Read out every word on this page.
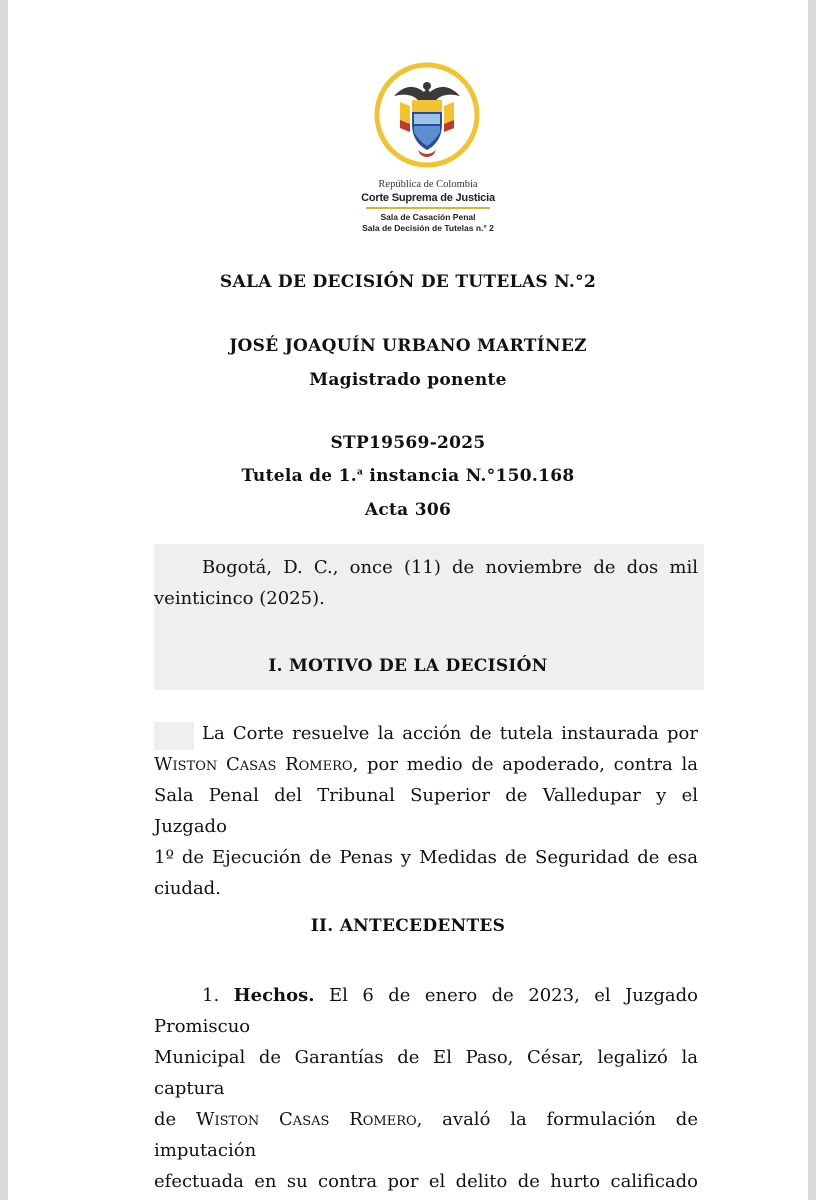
República de Colombia
Corte Suprema de Justicia
Sala de Casación Penal
Sala de Decisión de Tutelas n.° 2
SALA DE DECISIÓN DE TUTELAS N.°2
JOSÉ JOAQUÍN URBANO MARTÍNEZ
Magistrado ponente
STP19569-2025
Tutela de 1.$^a$ instancia N.°150.168
Acta 306
Bogotá, D. C., once (11) de noviembre de dos mil
veinticinco (2025).
I. MOTIVO DE LA DECISIÓN
La Corte resuelve la acción de tutela instaurada por
Wiston Casas Romero, por medio de apoderado, contra la
Sala Penal del Tribunal Superior de Valledupar y el Juzgado
1º de Ejecución de Penas y Medidas de Seguridad de esa
ciudad.
II. ANTECEDENTES
1. Hechos. El 6 de enero de 2023, el Juzgado Promiscuo
Municipal de Garantías de El Paso, César, legalizó la captura
de Wiston Casas Romero, avaló la formulación de imputación
efectuada en su contra por el delito de hurto calificado
